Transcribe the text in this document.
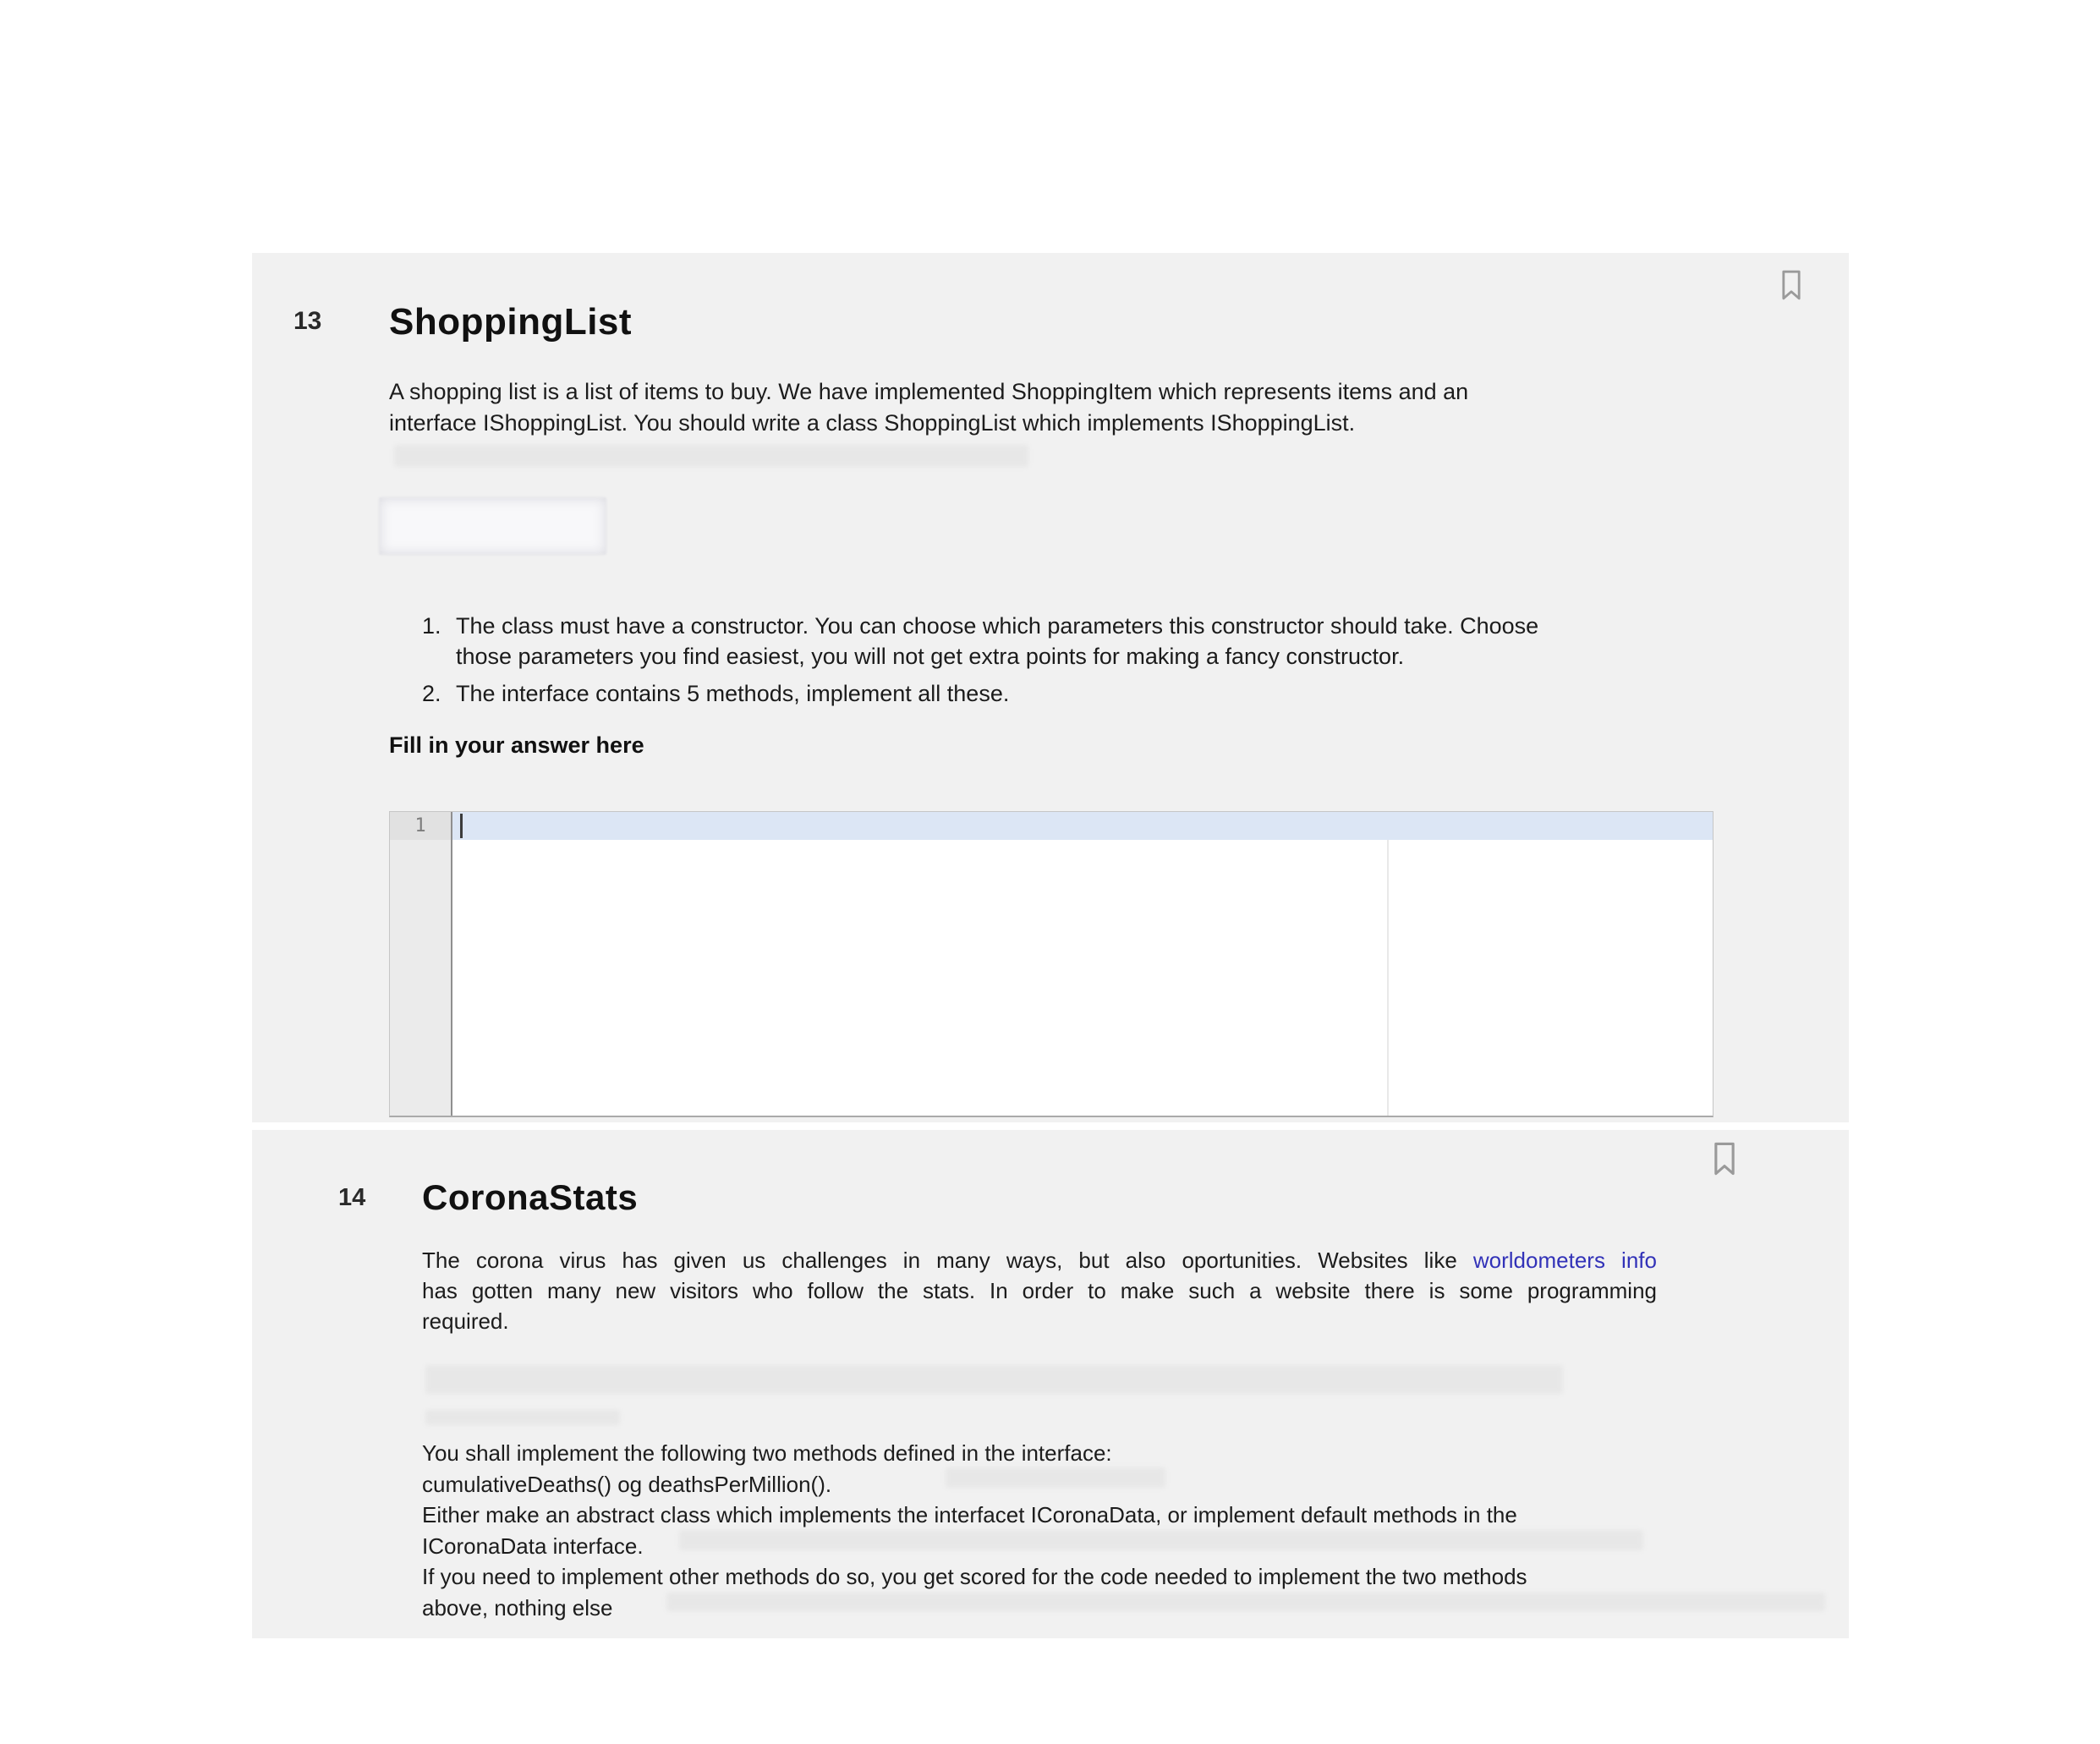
13 ShoppingList
A shopping list is a list of items to buy. We have implemented ShoppingItem which represents items and an
interface IShoppingList. You should write a class ShoppingList which implements IShoppingList.
1. The class must have a constructor. You can choose which parameters this constructor should take. Choose
those parameters you find easiest, you will not get extra points for making a fancy constructor.
2. The interface contains 5 methods, implement all these.
Fill in your answer here
1
14 CoronaStats
The corona virus has given us challenges in many ways, but also oportunities. Websites like worldometers info
has gotten many new visitors who follow the stats. In order to make such a website there is some programming
required.
You shall implement the following two methods defined in the interface:
cumulativeDeaths() og deathsPerMillion().
Either make an abstract class which implements the interfacet ICoronaData, or implement default methods in the
ICoronaData interface.
If you need to implement other methods do so, you get scored for the code needed to implement the two methods
above, nothing else
